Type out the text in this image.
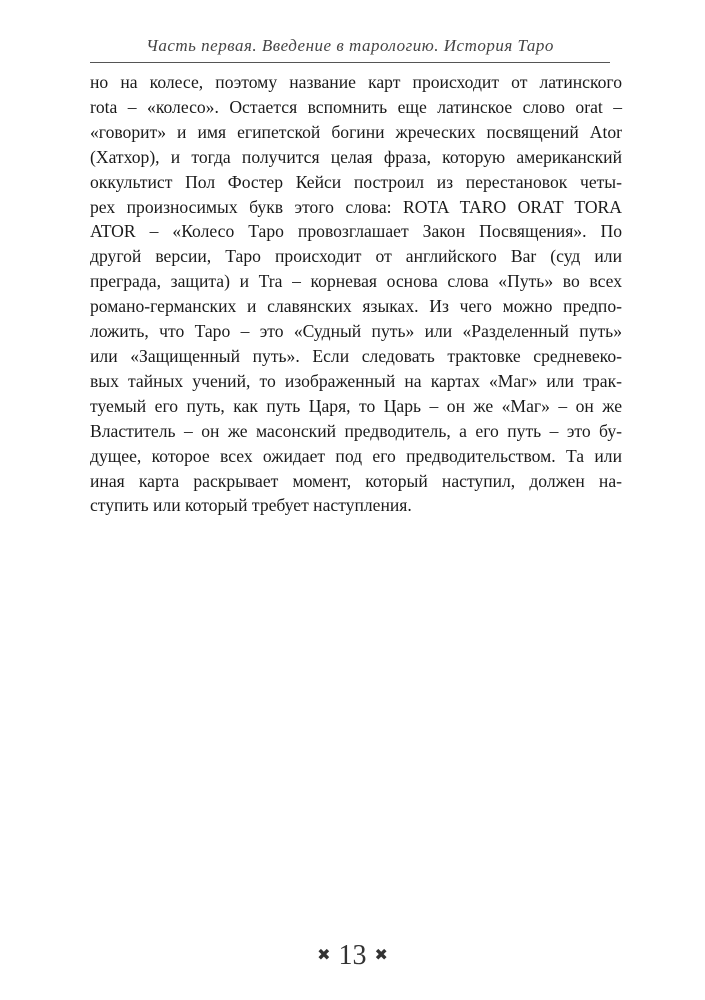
Часть первая. Введение в тарологию. История Таро
но на колесе, поэтому название карт происходит от латинского
rota – «колесо». Остается вспомнить еще латинское слово orat –
«говорит» и имя египетской богини жреческих посвящений Ator
(Хатхор), и тогда получится целая фраза, которую американский
оккультист Пол Фостер Кейси построил из перестановок четы-
рех произносимых букв этого слова: ROTA TARO ORAT TORA
ATOR – «Колесо Таро провозглашает Закон Посвящения». По
другой версии, Таро происходит от английского Bar (суд или
преграда, защита) и Tra – корневая основа слова «Путь» во всех
романо-германских и славянских языках. Из чего можно предпо-
ложить, что Таро – это «Судный путь» или «Разделенный путь»
или «Защищенный путь». Если следовать трактовке средневеко-
вых тайных учений, то изображенный на картах «Маг» или трак-
туемый его путь, как путь Царя, то Царь – он же «Маг» – он же
Властитель – он же масонский предводитель, а его путь – это бу-
дущее, которое всех ожидает под его предводительством. Та или
иная карта раскрывает момент, который наступил, должен на-
ступить или который требует наступления.
✖ 13 ✖
